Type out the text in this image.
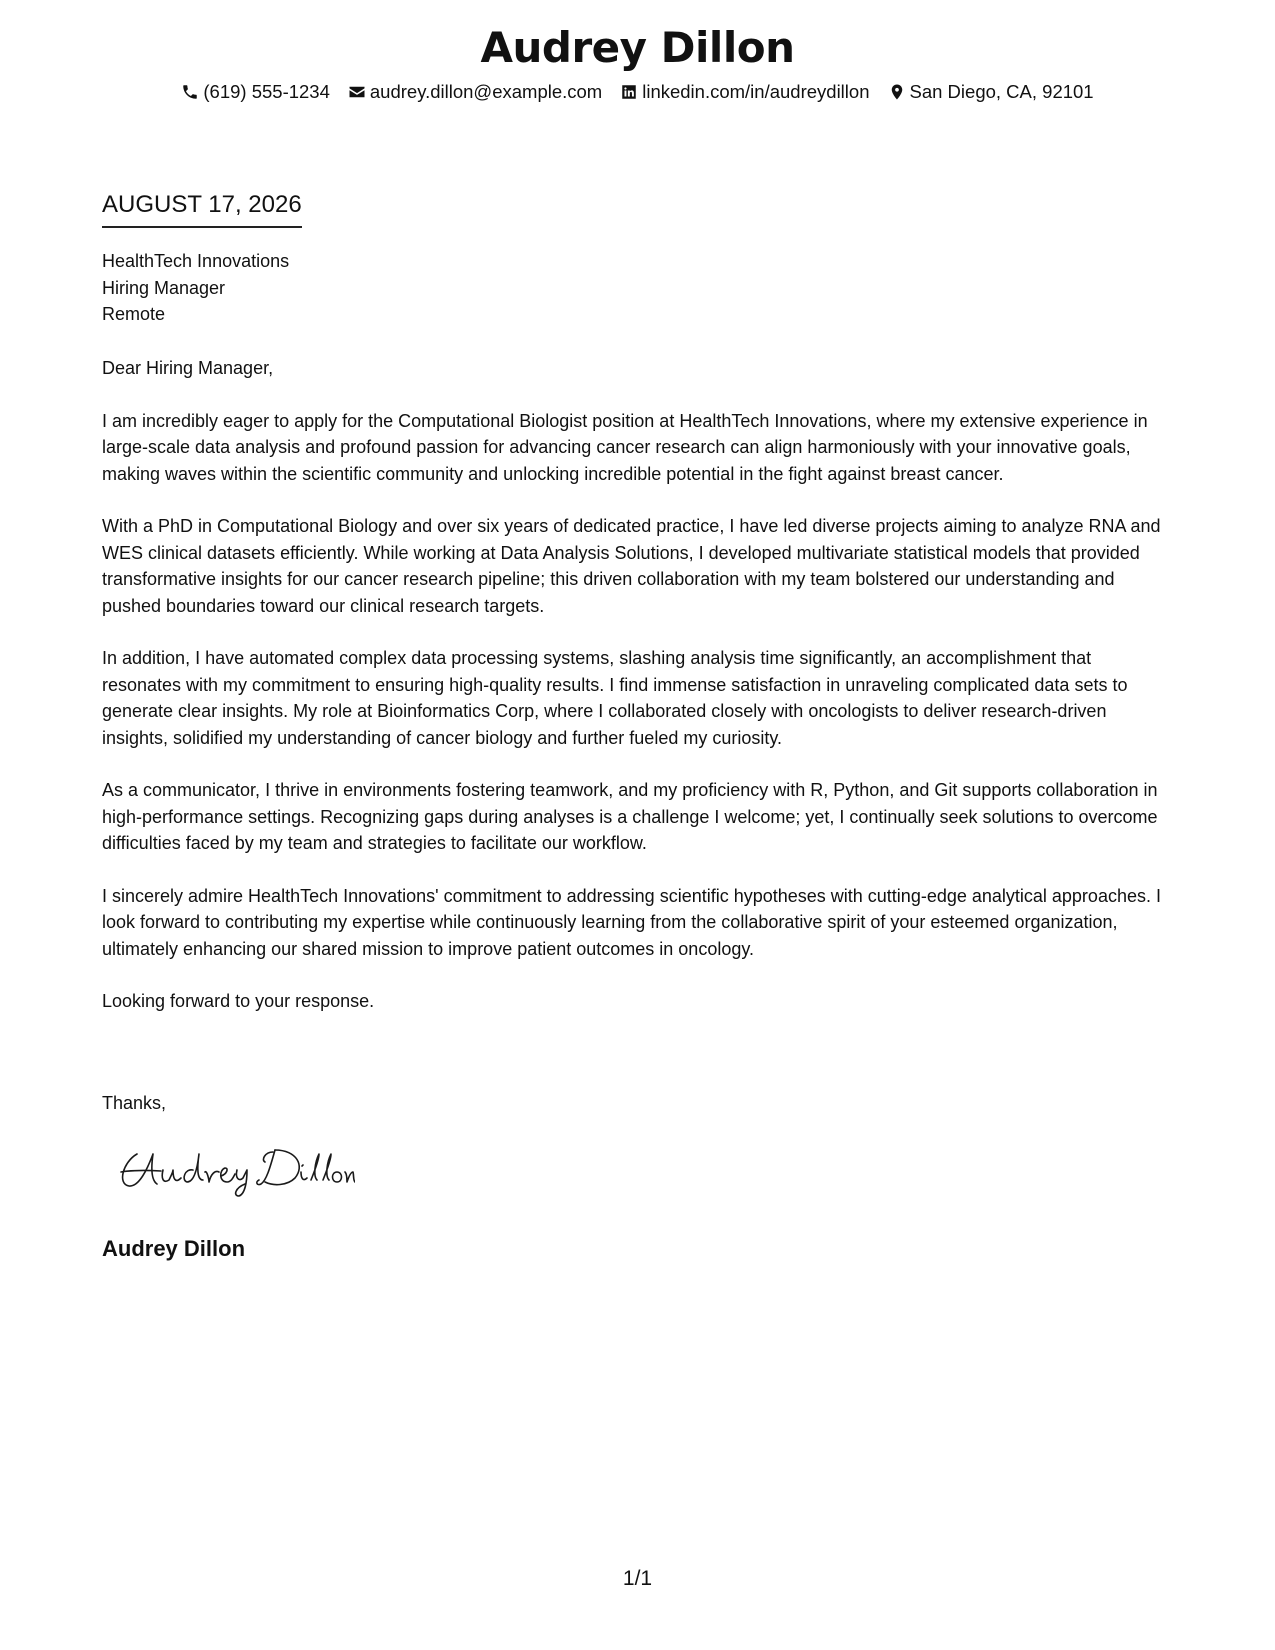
Audrey Dillon
(619) 555-1234 audrey.dillon@example.com linkedin.com/in/audreydillon San Diego, CA, 92101
AUGUST 17, 2026
HealthTech Innovations
Hiring Manager
Remote

Dear Hiring Manager,

I am incredibly eager to apply for the Computational Biologist position at HealthTech Innovations, where my extensive experience in large-scale data analysis and profound passion for advancing cancer research can align harmoniously with your innovative goals, making waves within the scientific community and unlocking incredible potential in the fight against breast cancer.

With a PhD in Computational Biology and over six years of dedicated practice, I have led diverse projects aiming to analyze RNA and WES clinical datasets efficiently. While working at Data Analysis Solutions, I developed multivariate statistical models that provided transformative insights for our cancer research pipeline; this driven collaboration with my team bolstered our understanding and pushed boundaries toward our clinical research targets.

In addition, I have automated complex data processing systems, slashing analysis time significantly, an accomplishment that resonates with my commitment to ensuring high-quality results. I find immense satisfaction in unraveling complicated data sets to generate clear insights. My role at Bioinformatics Corp, where I collaborated closely with oncologists to deliver research-driven insights, solidified my understanding of cancer biology and further fueled my curiosity.

As a communicator, I thrive in environments fostering teamwork, and my proficiency with R, Python, and Git supports collaboration in high-performance settings. Recognizing gaps during analyses is a challenge I welcome; yet, I continually seek solutions to overcome difficulties faced by my team and strategies to facilitate our workflow.

I sincerely admire HealthTech Innovations' commitment to addressing scientific hypotheses with cutting-edge analytical approaches. I look forward to contributing my expertise while continuously learning from the collaborative spirit of your esteemed organization, ultimately enhancing our shared mission to improve patient outcomes in oncology.

Looking forward to your response.

Thanks,
Audrey Dillon
1/1
